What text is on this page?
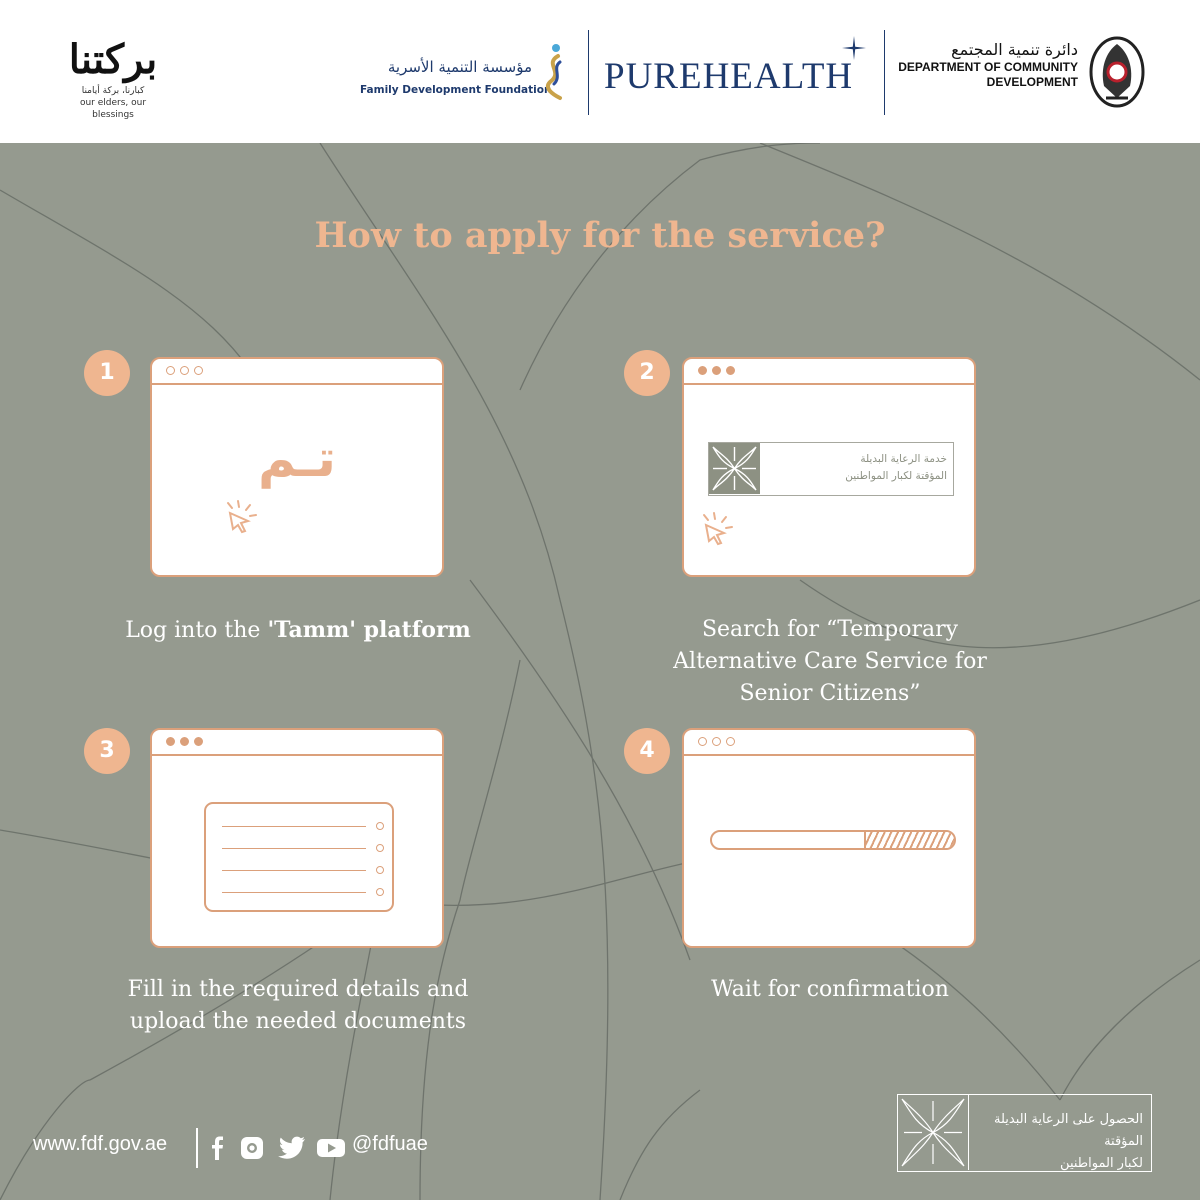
بركتنا
كبارنا، بركة أيامنا
our elders, our blessings
مؤسسة التنمية الأسرية
Family Development Foundation PUREHEALTH
دائرة تنمية المجتمع
DEPARTMENT OF COMMUNITY
DEVELOPMENT
How to apply for the service?
1
تـم
Log into the 'Tamm' platform
2
خدمة الرعاية البديلة
المؤقتة لكبار المواطنين
Search for “Temporary Alternative Care Service for Senior Citizens”
3
Fill in the required details and upload the needed documents
4
Wait for confirmation
www.fdf.gov.ae	@fdfuae
الحصول على الرعاية البديلة المؤقتة
لكبار المواطنين
